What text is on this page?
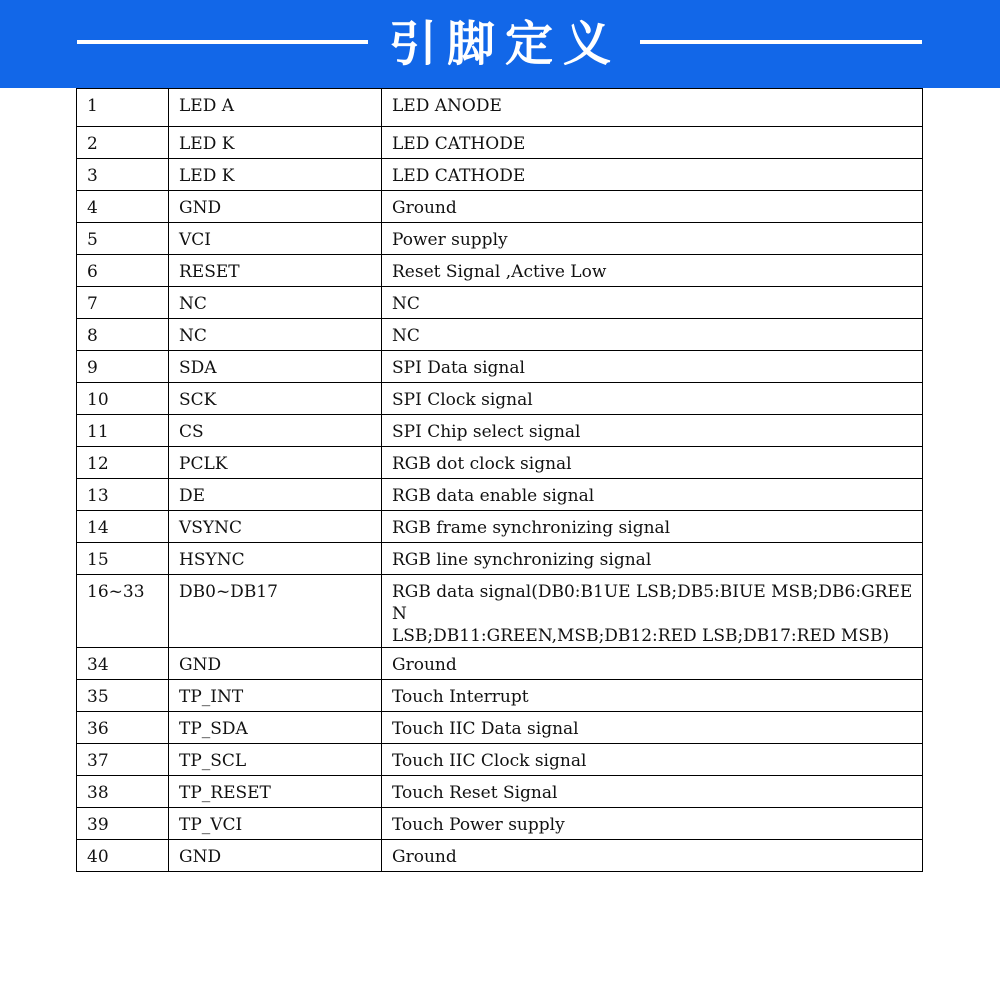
引脚定义
1	LED A	LED ANODE
2	LED K	LED CATHODE
3	LED K	LED CATHODE
4	GND	Ground
5	VCI	Power supply
6	RESET	Reset Signal ,Active Low
7	NC	NC
8	NC	NC
9	SDA	SPI Data signal
10	SCK	SPI Clock signal
11	CS	SPI Chip select signal
12	PCLK	RGB dot clock signal
13	DE	RGB data enable signal
14	VSYNC	RGB frame synchronizing signal
15	HSYNC	RGB line synchronizing signal
16~33	DB0~DB17	RGB data signal(DB0:B1UE LSB;DB5:BIUE MSB;DB6:GREEN
LSB;DB11:GREEN,MSB;DB12:RED LSB;DB17:RED MSB)
34	GND	Ground
35	TP_INT	Touch Interrupt
36	TP_SDA	Touch IIC Data signal
37	TP_SCL	Touch IIC Clock signal
38	TP_RESET	Touch Reset Signal
39	TP_VCI	Touch Power supply
40	GND	Ground
